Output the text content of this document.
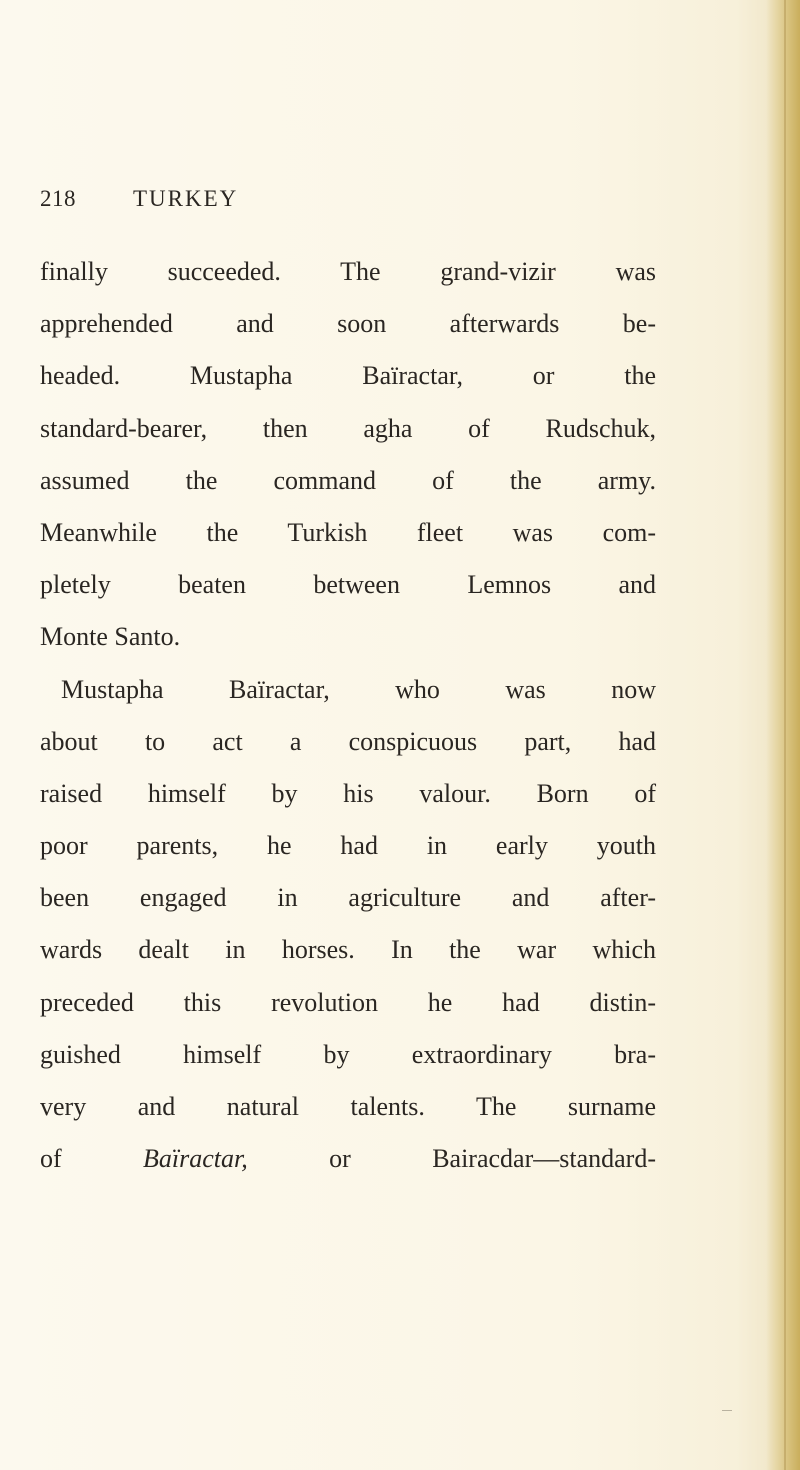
218 TURKEY
finally succeeded. The grand-vizir was
apprehended and soon afterwards be-
headed. Mustapha Baïractar, or the
standard-bearer, then agha of Rudschuk,
assumed the command of the army.
Meanwhile the Turkish fleet was com-
pletely beaten between Lemnos and
Monte Santo.
Mustapha Baïractar, who was now
about to act a conspicuous part, had
raised himself by his valour. Born of
poor parents, he had in early youth
been engaged in agriculture and after-
wards dealt in horses. In the war which
preceded this revolution he had distin-
guished himself by extraordinary bra-
very and natural talents. The surname
of Baïractar, or Bairacdar—standard-
